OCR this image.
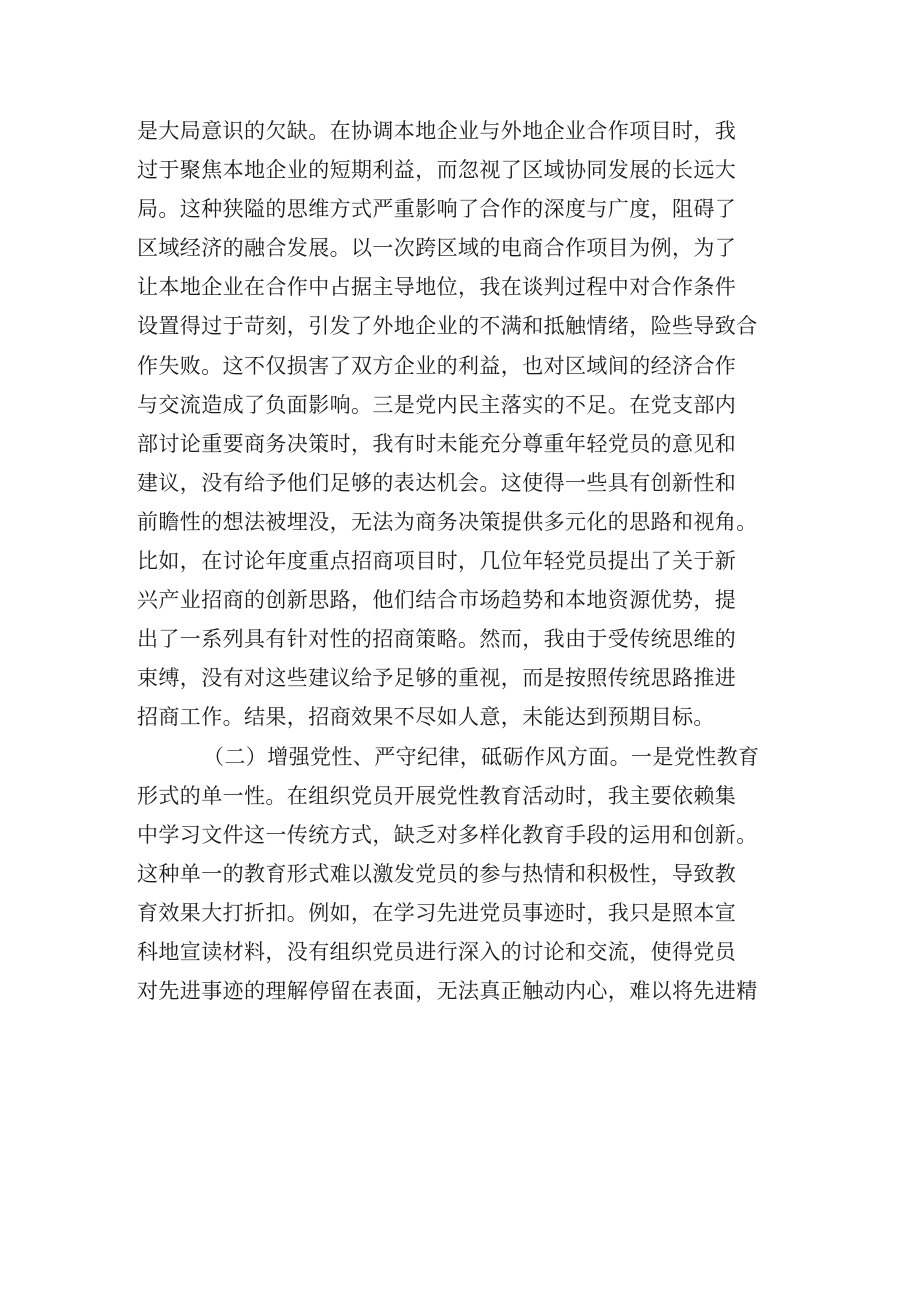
是大局意识的欠缺。在协调本地企业与外地企业合作项目时，我
过于聚焦本地企业的短期利益，而忽视了区域协同发展的长远大
局。这种狭隘的思维方式严重影响了合作的深度与广度，阻碍了
区域经济的融合发展。以一次跨区域的电商合作项目为例，为了
让本地企业在合作中占据主导地位，我在谈判过程中对合作条件
设置得过于苛刻，引发了外地企业的不满和抵触情绪，险些导致合
作失败。这不仅损害了双方企业的利益，也对区域间的经济合作
与交流造成了负面影响。三是党内民主落实的不足。在党支部内
部讨论重要商务决策时，我有时未能充分尊重年轻党员的意见和
建议，没有给予他们足够的表达机会。这使得一些具有创新性和
前瞻性的想法被埋没，无法为商务决策提供多元化的思路和视角。
比如，在讨论年度重点招商项目时，几位年轻党员提出了关于新
兴产业招商的创新思路，他们结合市场趋势和本地资源优势，提
出了一系列具有针对性的招商策略。然而，我由于受传统思维的
束缚，没有对这些建议给予足够的重视，而是按照传统思路推进
招商工作。结果，招商效果不尽如人意，未能达到预期目标。
（二）增强党性、严守纪律，砥砺作风方面。一是党性教育
形式的单一性。在组织党员开展党性教育活动时，我主要依赖集
中学习文件这一传统方式，缺乏对多样化教育手段的运用和创新。
这种单一的教育形式难以激发党员的参与热情和积极性，导致教
育效果大打折扣。例如，在学习先进党员事迹时，我只是照本宣
科地宣读材料，没有组织党员进行深入的讨论和交流，使得党员
对先进事迹的理解停留在表面，无法真正触动内心，难以将先进精
